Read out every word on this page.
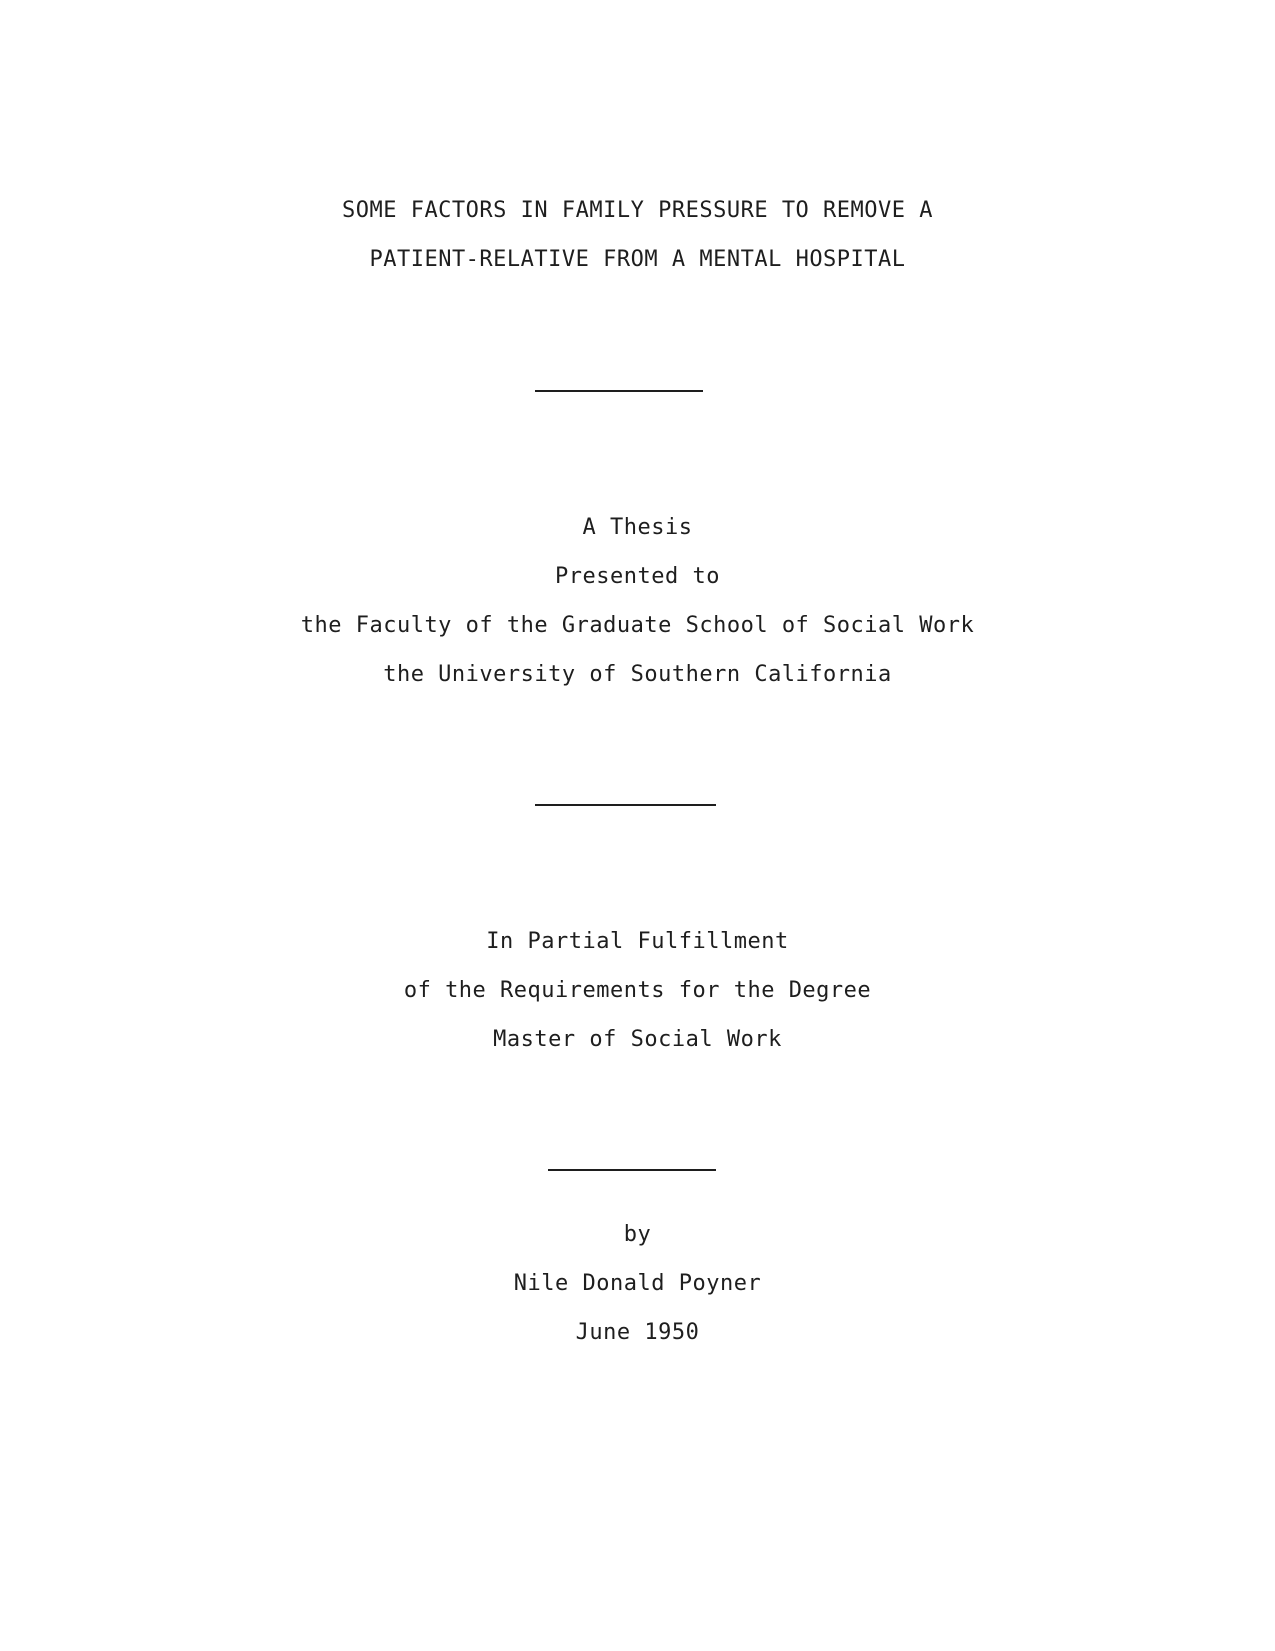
SOME FACTORS IN FAMILY PRESSURE TO REMOVE A
PATIENT-RELATIVE FROM A MENTAL HOSPITAL
A Thesis
Presented to
the Faculty of the Graduate School of Social Work
the University of Southern California
In Partial Fulfillment
of the Requirements for the Degree
Master of Social Work
by
Nile Donald Poyner
June 1950
